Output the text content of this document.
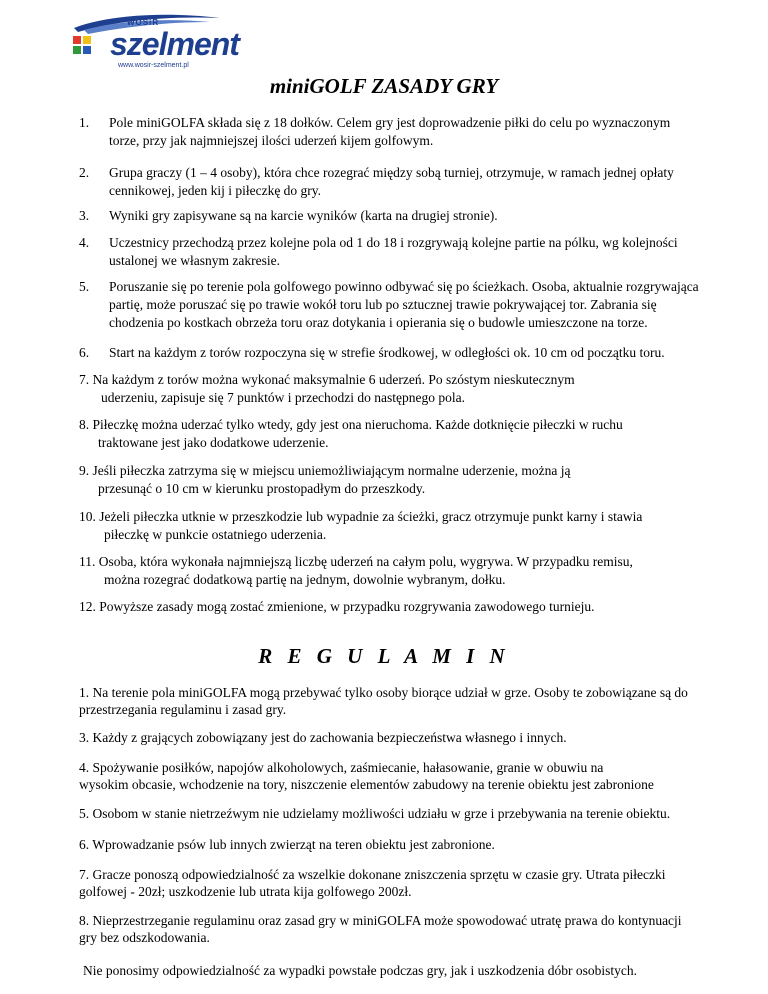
WOSiR
szelment
www.wosir-szelment.pl
miniGOLF ZASADY GRY
1. Pole miniGOLFA składa się z 18 dołków. Celem gry jest doprowadzenie piłki do celu po wyznaczonym
torze, przy jak najmniejszej ilości uderzeń kijem golfowym.
2. Grupa graczy (1 – 4 osoby), która chce rozegrać między sobą turniej, otrzymuje, w ramach jednej opłaty
cennikowej, jeden kij i piłeczkę do gry.
3. Wyniki gry zapisywane są na karcie wyników (karta na drugiej stronie).
4. Uczestnicy przechodzą przez kolejne pola od 1 do 18 i rozgrywają kolejne partie na pólku, wg kolejności
ustalonej we własnym zakresie.
5. Poruszanie się po terenie pola golfowego powinno odbywać się po ścieżkach. Osoba, aktualnie rozgrywająca
partię, może poruszać się po trawie wokół toru lub po sztucznej trawie pokrywającej tor. Zabrania się
chodzenia po kostkach obrzeża toru oraz dotykania i opierania się o budowle umieszczone na torze.
6. Start na każdym z torów rozpoczyna się w strefie środkowej, w odległości ok. 10 cm od początku toru.
7. Na każdym z torów można wykonać maksymalnie 6 uderzeń. Po szóstym nieskutecznym
uderzeniu, zapisuje się 7 punktów i przechodzi do następnego pola.
8. Piłeczkę można uderzać tylko wtedy, gdy jest ona nieruchoma. Każde dotknięcie piłeczki w ruchu
traktowane jest jako dodatkowe uderzenie.
9. Jeśli piłeczka zatrzyma się w miejscu uniemożliwiającym normalne uderzenie, można ją
przesunąć o 10 cm w kierunku prostopadłym do przeszkody.
10. Jeżeli piłeczka utknie w przeszkodzie lub wypadnie za ścieżki, gracz otrzymuje punkt karny i stawia
piłeczkę w punkcie ostatniego uderzenia.
11. Osoba, która wykonała najmniejszą liczbę uderzeń na całym polu, wygrywa. W przypadku remisu,
można rozegrać dodatkową partię na jednym, dowolnie wybranym, dołku.
12. Powyższe zasady mogą zostać zmienione, w przypadku rozgrywania zawodowego turnieju.
R E G U L A M I N
1. Na terenie pola miniGOLFA mogą przebywać tylko osoby biorące udział w grze. Osoby te zobowiązane są do
przestrzegania regulaminu i zasad gry.
3. Każdy z grających zobowiązany jest do zachowania bezpieczeństwa własnego i innych.
4. Spożywanie posiłków, napojów alkoholowych, zaśmiecanie, hałasowanie, granie w obuwiu na
wysokim obcasie, wchodzenie na tory, niszczenie elementów zabudowy na terenie obiektu jest zabronione
5. Osobom w stanie nietrzeźwym nie udzielamy możliwości udziału w grze i przebywania na terenie obiektu.
6. Wprowadzanie psów lub innych zwierząt na teren obiektu jest zabronione.
7. Gracze ponoszą odpowiedzialność za wszelkie dokonane zniszczenia sprzętu w czasie gry. Utrata piłeczki
golfowej - 20zł; uszkodzenie lub utrata kija golfowego 200zł.
8. Nieprzestrzeganie regulaminu oraz zasad gry w miniGOLFA może spowodować utratę prawa do kontynuacji
gry bez odszkodowania.
Nie ponosimy odpowiedzialność za wypadki powstałe podczas gry, jak i uszkodzenia dóbr osobistych.
